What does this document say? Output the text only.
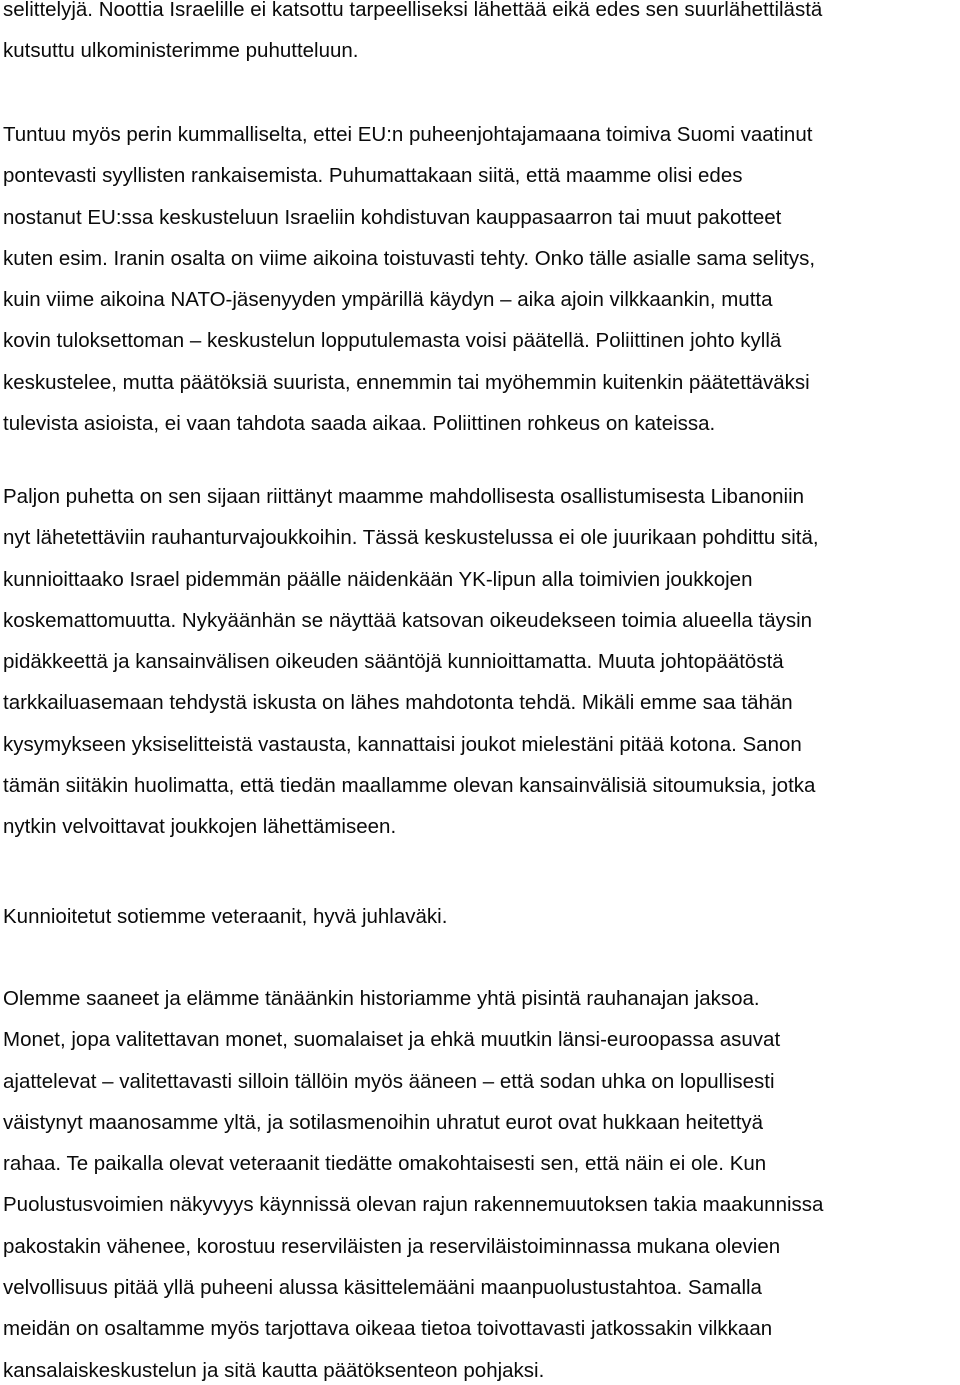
selittelyjä. Noottia Israelille ei katsottu tarpeelliseksi lähettää eikä edes sen suurlähettilästä
kutsuttu ulkoministerimme puhutteluun.
Tuntuu myös perin kummalliselta, ettei EU:n puheenjohtajamaana toimiva Suomi vaatinut
pontevasti syyllisten rankaisemista. Puhumattakaan siitä, että maamme olisi edes
nostanut EU:ssa keskusteluun Israeliin kohdistuvan kauppasaarron tai muut pakotteet
kuten esim. Iranin osalta on viime aikoina toistuvasti tehty. Onko tälle asialle sama selitys,
kuin viime aikoina NATO-jäsenyyden ympärillä käydyn – aika ajoin vilkkaankin, mutta
kovin tuloksettoman – keskustelun lopputulemasta voisi päätellä. Poliittinen johto kyllä
keskustelee, mutta päätöksiä suurista, ennemmin tai myöhemmin kuitenkin päätettäväksi
tulevista asioista, ei vaan tahdota saada aikaa. Poliittinen rohkeus on kateissa.
Paljon puhetta on sen sijaan riittänyt maamme mahdollisesta osallistumisesta Libanoniin
nyt lähetettäviin rauhanturvajoukkoihin. Tässä keskustelussa ei ole juurikaan pohdittu sitä,
kunnioittaako Israel pidemmän päälle näidenkään YK-lipun alla toimivien joukkojen
koskemattomuutta. Nykyäänhän se näyttää katsovan oikeudekseen toimia alueella täysin
pidäkkeettä ja kansainvälisen oikeuden sääntöjä kunnioittamatta. Muuta johtopäätöstä
tarkkailuasemaan tehdystä iskusta on lähes mahdotonta tehdä. Mikäli emme saa tähän
kysymykseen yksiselitteistä vastausta, kannattaisi joukot mielestäni pitää kotona. Sanon
tämän siitäkin huolimatta, että tiedän maallamme olevan kansainvälisiä sitoumuksia, jotka
nytkin velvoittavat joukkojen lähettämiseen.
Kunnioitetut sotiemme veteraanit, hyvä juhlaväki.
Olemme saaneet ja elämme tänäänkin historiamme yhtä pisintä rauhanajan jaksoa.
Monet, jopa valitettavan monet, suomalaiset ja ehkä muutkin länsi-euroopassa asuvat
ajattelevat – valitettavasti silloin tällöin myös ääneen – että sodan uhka on lopullisesti
väistynyt maanosamme yltä, ja sotilasmenoihin uhratut eurot ovat hukkaan heitettyä
rahaa. Te paikalla olevat veteraanit tiedätte omakohtaisesti sen, että näin ei ole. Kun
Puolustusvoimien näkyvyys käynnissä olevan rajun rakennemuutoksen takia maakunnissa
pakostakin vähenee, korostuu reserviläisten ja reserviläistoiminnassa mukana olevien
velvollisuus pitää yllä puheeni alussa käsittelemääni maanpuolustustahtoa. Samalla
meidän on osaltamme myös tarjottava oikeaa tietoa toivottavasti jatkossakin vilkkaan
kansalaiskeskustelun ja sitä kautta päätöksenteon pohjaksi.
